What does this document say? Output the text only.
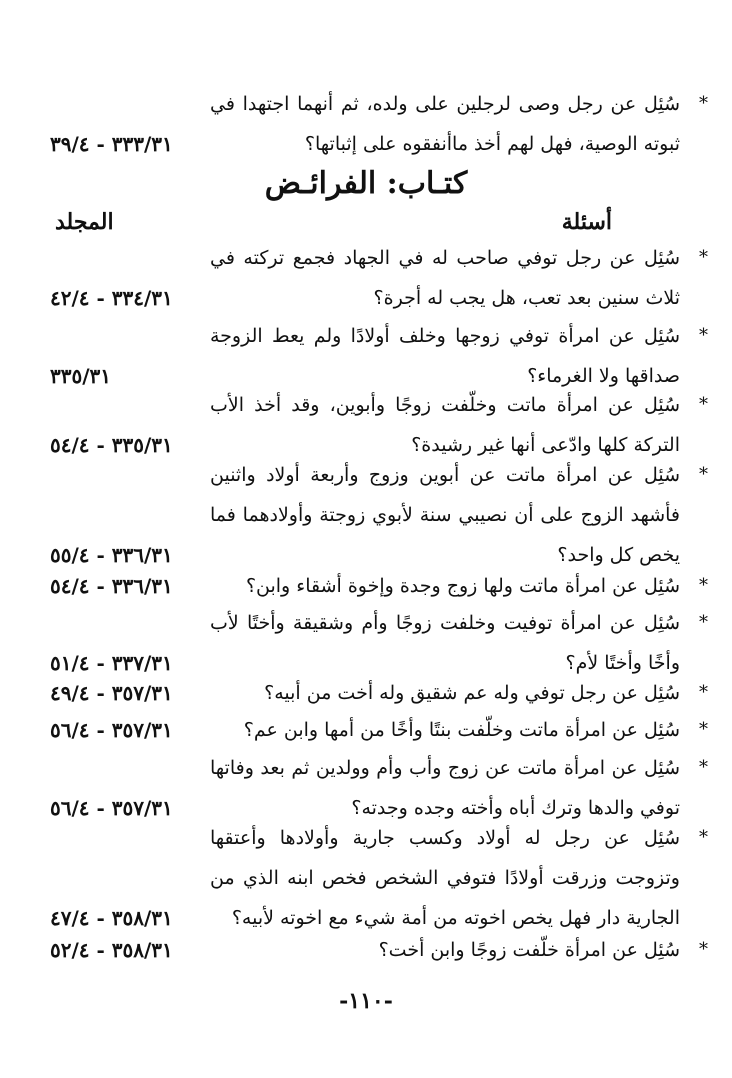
*
سُئِل عن رجل وصى لرجلين على ولده، ثم أنهما اجتهدا في ثبوته الوصية، فهل لهم أخذ ماأنفقوه على إثباتها؟
٣٣٣/٣١ - ٣٩/٤
كتـاب: الفرائـض
أسئلة
المجلد
*
سُئِل عن رجل توفي صاحب له في الجهاد فجمع تركته في ثلاث سنين بعد تعب، هل يجب له أجرة؟
٣٣٤/٣١ - ٤٢/٤
*
سُئِل عن امرأة توفي زوجها وخلف أولادًا ولم يعط الزوجة صداقها ولا الغرماء؟
٣٣٥/٣١
*
سُئِل عن امرأة ماتت وخلّفت زوجًا وأبوين، وقد أخذ الأب التركة كلها وادّعى أنها غير رشيدة؟
٣٣٥/٣١ - ٥٤/٤
*
سُئِل عن امرأة ماتت عن أبوين وزوج وأربعة أولاد واثنين فأشهد الزوج على أن نصيبي سنة لأبوي زوجتة وأولادهما فما يخص كل واحد؟
٣٣٦/٣١ - ٥٥/٤
*
سُئِل عن امرأة ماتت ولها زوج وجدة وإخوة أشقاء وابن؟
٣٣٦/٣١ - ٥٤/٤
*
سُئِل عن امرأة توفيت وخلفت زوجًا وأم وشقيقة وأختًا لأب وأخًا وأختًا لأم؟
٣٣٧/٣١ - ٥١/٤
*
سُئِل عن رجل توفي وله عم شقيق وله أخت من أبيه؟
٣٥٧/٣١ - ٤٩/٤
*
سُئِل عن امرأة ماتت وخلّفت بنتًا وأخًا من أمها وابن عم؟
٣٥٧/٣١ - ٥٦/٤
*
سُئِل عن امرأة ماتت عن زوج وأب وأم وولدين ثم بعد وفاتها توفي والدها وترك أباه وأخته وجده وجدته؟
٣٥٧/٣١ - ٥٦/٤
*
سُئِل عن رجل له أولاد وكسب جارية وأولادها وأعتقها وتزوجت وزرقت أولادًا فتوفي الشخص فخص ابنه الذي من الجارية دار فهل يخص اخوته من أمة شيء مع اخوته لأبيه؟
٣٥٨/٣١ - ٤٧/٤
*
سُئِل عن امرأة خلّفت زوجًا وابن أخت؟
٣٥٨/٣١ - ٥٢/٤
-١١٠-
